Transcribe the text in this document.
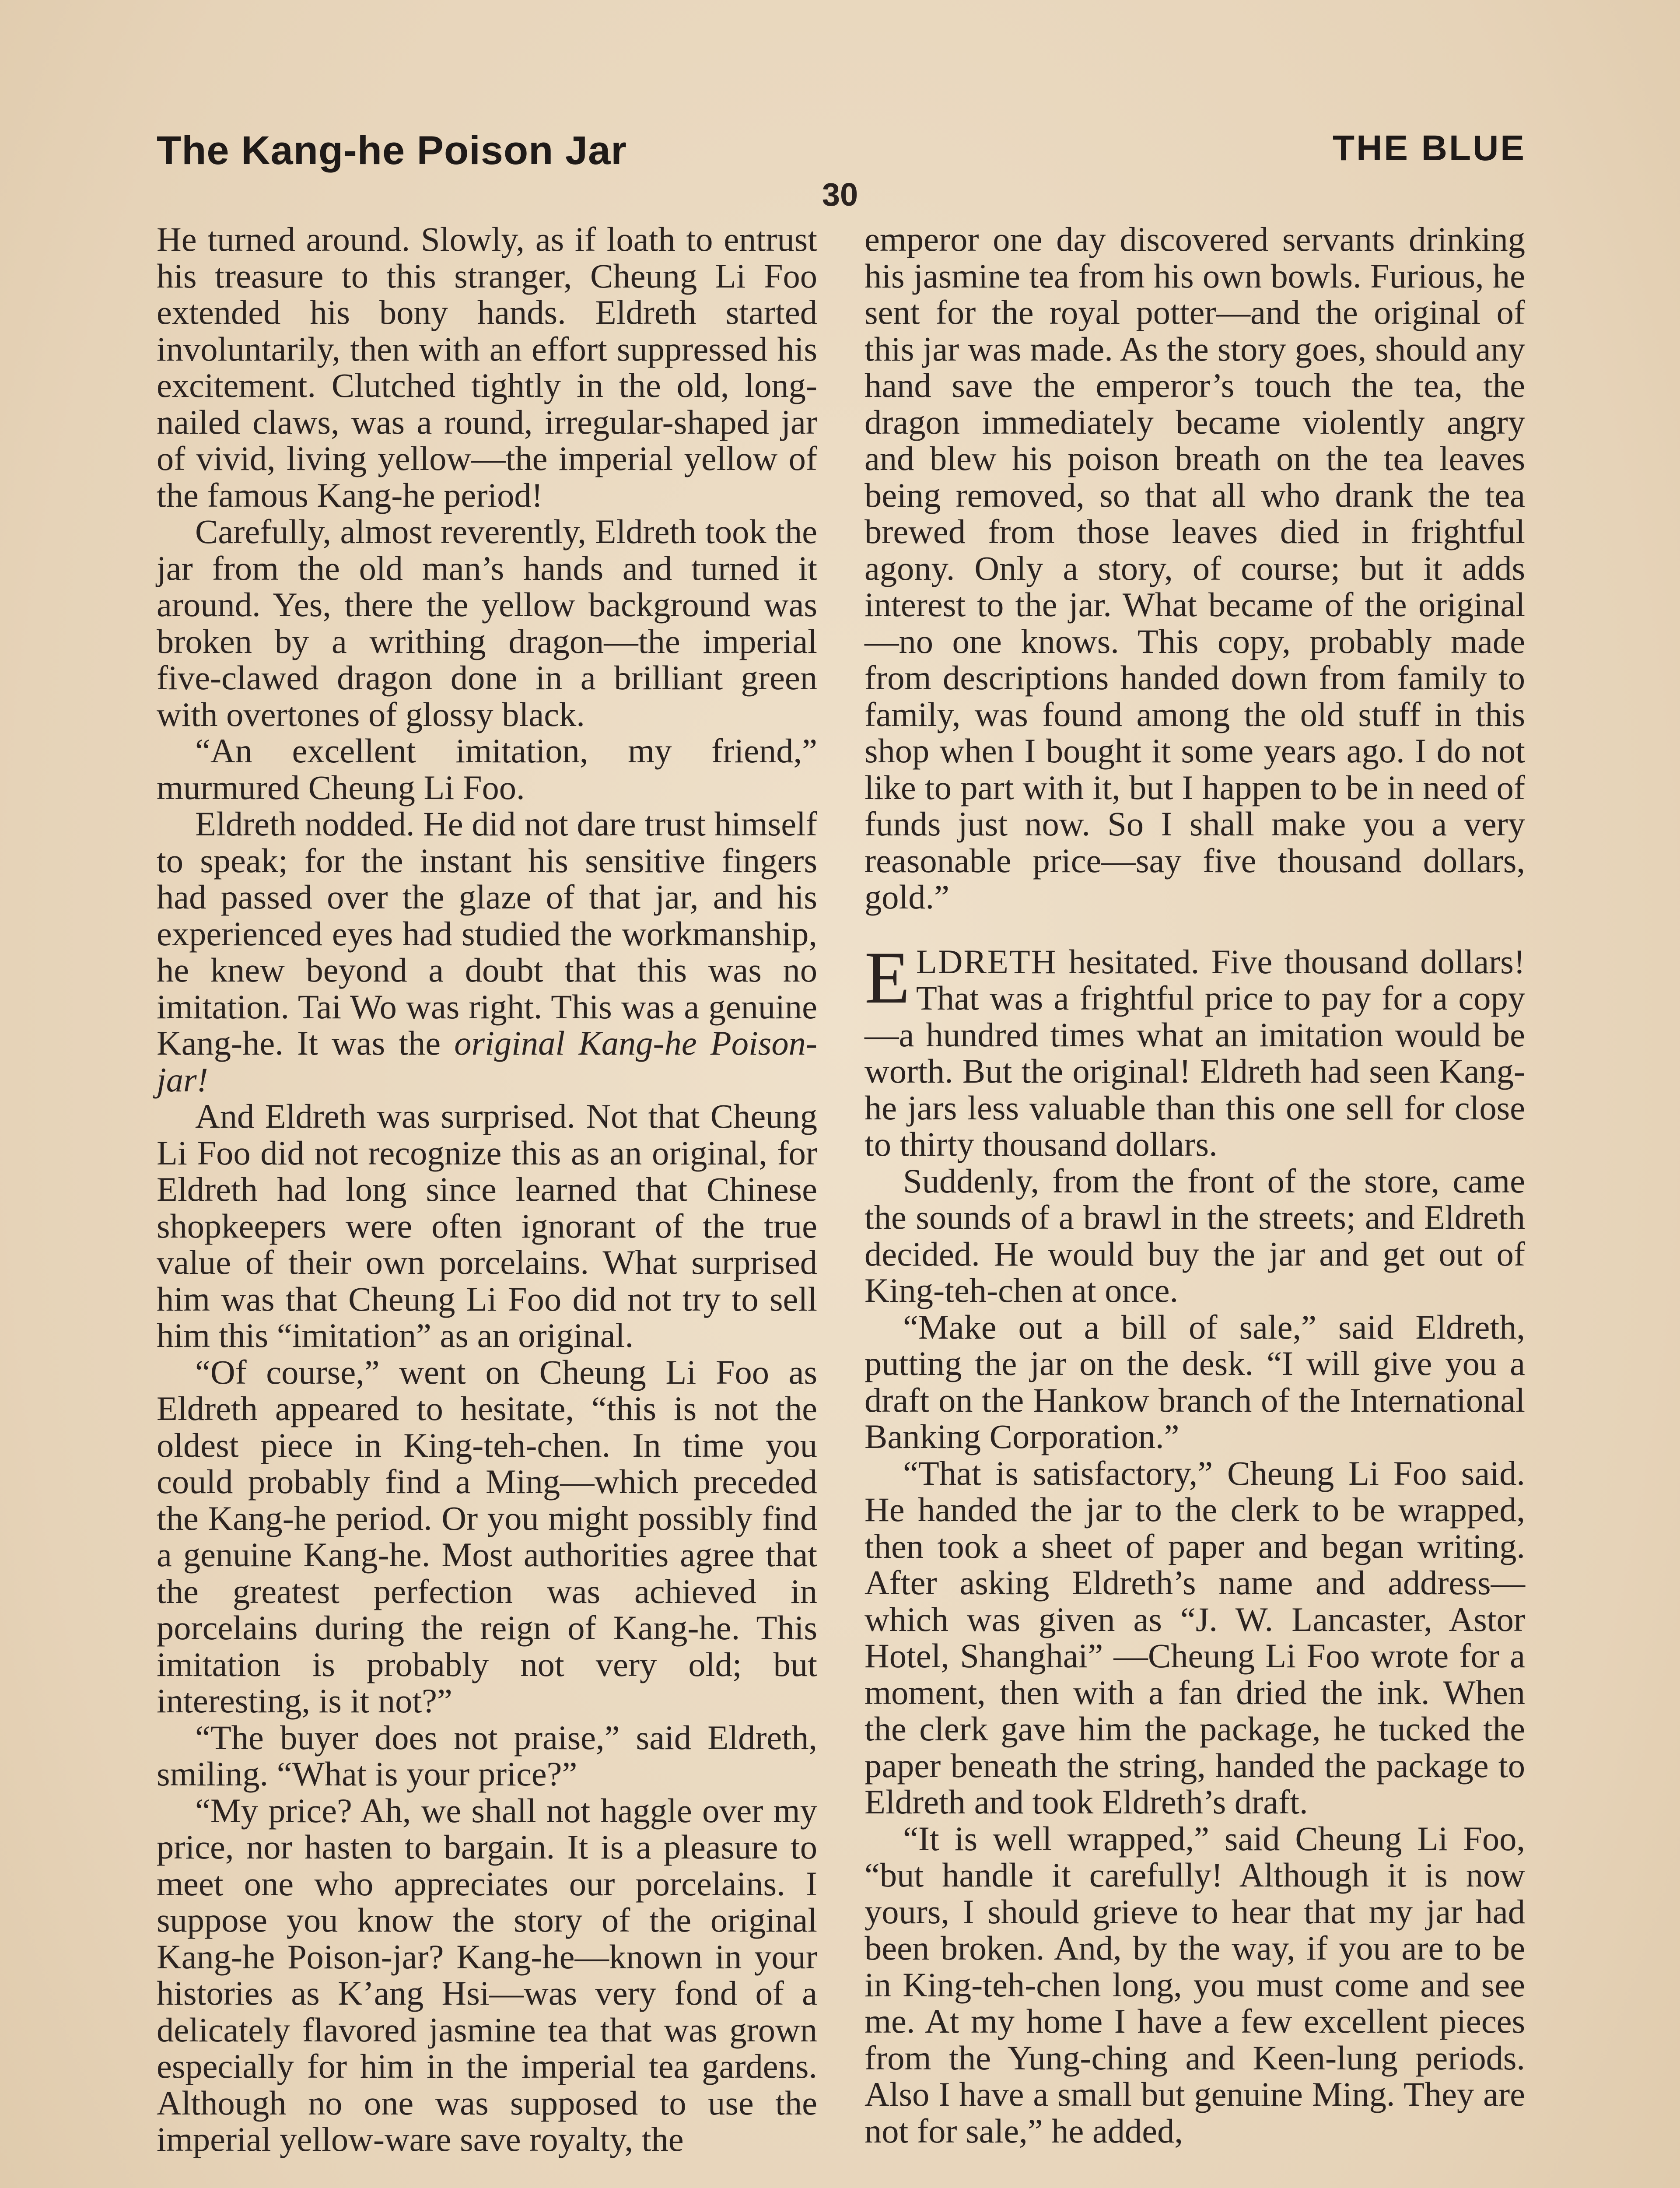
The Kang-he Poison Jar	THE BLUE
30

He turned around. Slowly, as if loath to entrust his treasure to this stranger, Cheung Li Foo extended his bony hands. Eldreth started involuntarily, then with an effort suppressed his excitement. Clutched tightly in the old, long-nailed claws, was a round, irregular-shaped jar of vivid, living yellow—the imperial yellow of the famous Kang-he period!

Carefully, almost reverently, Eldreth took the jar from the old man’s hands and turned it around. Yes, there the yellow background was broken by a writhing dragon—the imperial five-clawed dragon done in a brilliant green with overtones of glossy black.

“An excellent imitation, my friend,” murmured Cheung Li Foo.

Eldreth nodded. He did not dare trust himself to speak; for the instant his sensitive fingers had passed over the glaze of that jar, and his experienced eyes had studied the workmanship, he knew beyond a doubt that this was no imitation. Tai Wo was right. This was a genuine Kang-he. It was the original Kang-he Poison-jar!

And Eldreth was surprised. Not that Cheung Li Foo did not recognize this as an original, for Eldreth had long since learned that Chinese shopkeepers were often ignorant of the true value of their own porcelains. What surprised him was that Cheung Li Foo did not try to sell him this “imitation” as an original.

“Of course,” went on Cheung Li Foo as Eldreth appeared to hesitate, “this is not the oldest piece in King-teh-chen. In time you could probably find a Ming—which preceded the Kang-he period. Or you might possibly find a genuine Kang-he. Most authorities agree that the greatest perfection was achieved in porcelains during the reign of Kang-he. This imitation is probably not very old; but interesting, is it not?”

“The buyer does not praise,” said Eldreth, smiling. “What is your price?”

“My price? Ah, we shall not haggle over my price, nor hasten to bargain. It is a pleasure to meet one who appreciates our porcelains. I suppose you know the story of the original Kang-he Poison-jar? Kang-he—known in your histories as K’ang Hsi—was very fond of a delicately flavored jasmine tea that was grown especially for him in the imperial tea gardens. Although no one was supposed to use the imperial yellow-ware save royalty, the

emperor one day discovered servants drinking his jasmine tea from his own bowls. Furious, he sent for the royal potter—and the original of this jar was made. As the story goes, should any hand save the emperor’s touch the tea, the dragon immediately became violently angry and blew his poison breath on the tea leaves being removed, so that all who drank the tea brewed from those leaves died in frightful agony. Only a story, of course; but it adds interest to the jar. What became of the original—no one knows. This copy, probably made from descriptions handed down from family to family, was found among the old stuff in this shop when I bought it some years ago. I do not like to part with it, but I happen to be in need of funds just now. So I shall make you a very reasonable price—say five thousand dollars, gold.”

ELDRETH hesitated. Five thousand dollars! That was a frightful price to pay for a copy—a hundred times what an imitation would be worth. But the original! Eldreth had seen Kang-he jars less valuable than this one sell for close to thirty thousand dollars.

Suddenly, from the front of the store, came the sounds of a brawl in the streets; and Eldreth decided. He would buy the jar and get out of King-teh-chen at once.

“Make out a bill of sale,” said Eldreth, putting the jar on the desk. “I will give you a draft on the Hankow branch of the International Banking Corporation.”

“That is satisfactory,” Cheung Li Foo said. He handed the jar to the clerk to be wrapped, then took a sheet of paper and began writing. After asking Eldreth’s name and address—which was given as “J. W. Lancaster, Astor Hotel, Shanghai” —Cheung Li Foo wrote for a moment, then with a fan dried the ink. When the clerk gave him the package, he tucked the paper beneath the string, handed the package to Eldreth and took Eldreth’s draft.

“It is well wrapped,” said Cheung Li Foo, “but handle it carefully! Although it is now yours, I should grieve to hear that my jar had been broken. And, by the way, if you are to be in King-teh-chen long, you must come and see me. At my home I have a few excellent pieces from the Yung-ching and Keen-lung periods. Also I have a small but genuine Ming. They are not for sale,” he added,
